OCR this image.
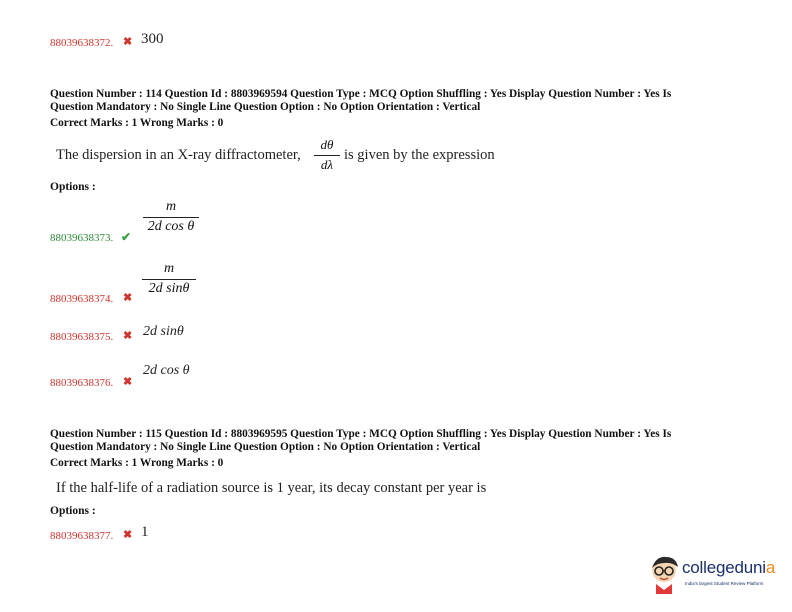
88039638372. ✖ 300
Question Number : 114 Question Id : 8803969594 Question Type : MCQ Option Shuffling : Yes Display Question Number : Yes Is
Question Mandatory : No Single Line Question Option : No Option Orientation : Vertical
Correct Marks : 1 Wrong Marks : 0
The dispersion in an X-ray diffractometer,
dθ
dλ
is given by the expression
Options :
m
2d cos θ
88039638373. ✔
m
2d sinθ
88039638374. ✖
88039638375. ✖ 2d sinθ
2d cos θ
88039638376. ✖
Question Number : 115 Question Id : 8803969595 Question Type : MCQ Option Shuffling : Yes Display Question Number : Yes Is
Question Mandatory : No Single Line Question Option : No Option Orientation : Vertical
Correct Marks : 1 Wrong Marks : 0
If the half-life of a radiation source is 1 year, its decay constant per year is
Options :
88039638377. ✖ 1
collegedunia
India's largest Student Review Platform
